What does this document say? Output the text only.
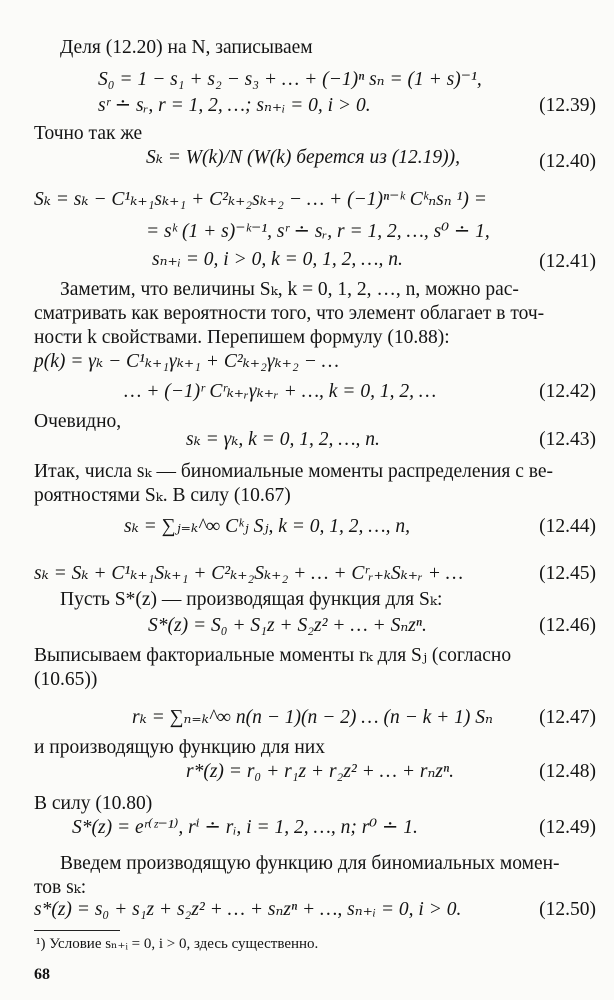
Деля (12.20) на N, записываем
S₀ = 1 − s₁ + s₂ − s₃ + … + (−1)ⁿ sₙ = (1 + s)⁻¹,
sʳ ∸ sᵣ, r = 1, 2, …; sₙ₊ᵢ = 0, i > 0.	(12.39)
Точно так же
Sₖ = W(k)/N (W(k) берется из (12.19)),	(12.40)
Sₖ = sₖ − C¹ₖ₊₁sₖ₊₁ + C²ₖ₊₂sₖ₊₂ − … + (−1)ⁿ⁻ᵏ Cᵏₙsₙ ¹) =
= sᵏ (1 + s)⁻ᵏ⁻¹, sʳ ∸ sᵣ, r = 1, 2, …, s⁰ ∸ 1,
sₙ₊ᵢ = 0, i > 0, k = 0, 1, 2, …, n.	(12.41)
Заметим, что величины Sₖ, k = 0, 1, 2, …, n, можно рас-
сматривать как вероятности того, что элемент облагает в точ-
ности k свойствами. Перепишем формулу (10.88):
p(k) = γₖ − C¹ₖ₊₁γₖ₊₁ + C²ₖ₊₂γₖ₊₂ − …
… + (−1)ʳ Cʳₖ₊ᵣγₖ₊ᵣ + …, k = 0, 1, 2, …	(12.42)
Очевидно,
sₖ = γₖ, k = 0, 1, 2, …, n.	(12.43)
Итак, числа sₖ — биномиальные моменты распределения с ве-
роятностями Sₖ. В силу (10.67)
sₖ = ∑ⱼ₌ₖ^∞ Cᵏⱼ Sⱼ, k = 0, 1, 2, …, n,	(12.44)
sₖ = Sₖ + C¹ₖ₊₁Sₖ₊₁ + C²ₖ₊₂Sₖ₊₂ + … + Cʳᵣ₊ₖSₖ₊ᵣ + …	(12.45)
Пусть S*(z) — производящая функция для Sₖ:
S*(z) = S₀ + S₁z + S₂z² + … + Sₙzⁿ.	(12.46)
Выписываем факториальные моменты rₖ для Sⱼ (согласно
(10.65))
rₖ = ∑ₙ₌ₖ^∞ n(n − 1)(n − 2) … (n − k + 1) Sₙ (12.47)
и производящую функцию для них
r*(z) = r₀ + r₁z + r₂z² + … + rₙzⁿ.	(12.48)
В силу (10.80)
S*(z) = eʳ⁽ᶻ⁻¹⁾, rⁱ ∸ rᵢ, i = 1, 2, …, n; r⁰ ∸ 1.	(12.49)
Введем производящую функцию для биномиальных момен-
тов sₖ:
s*(z) = s₀ + s₁z + s₂z² + … + sₙzⁿ + …, sₙ₊ᵢ = 0, i > 0.	(12.50)
¹) Условие sₙ₊ᵢ = 0, i > 0, здесь существенно.
68
